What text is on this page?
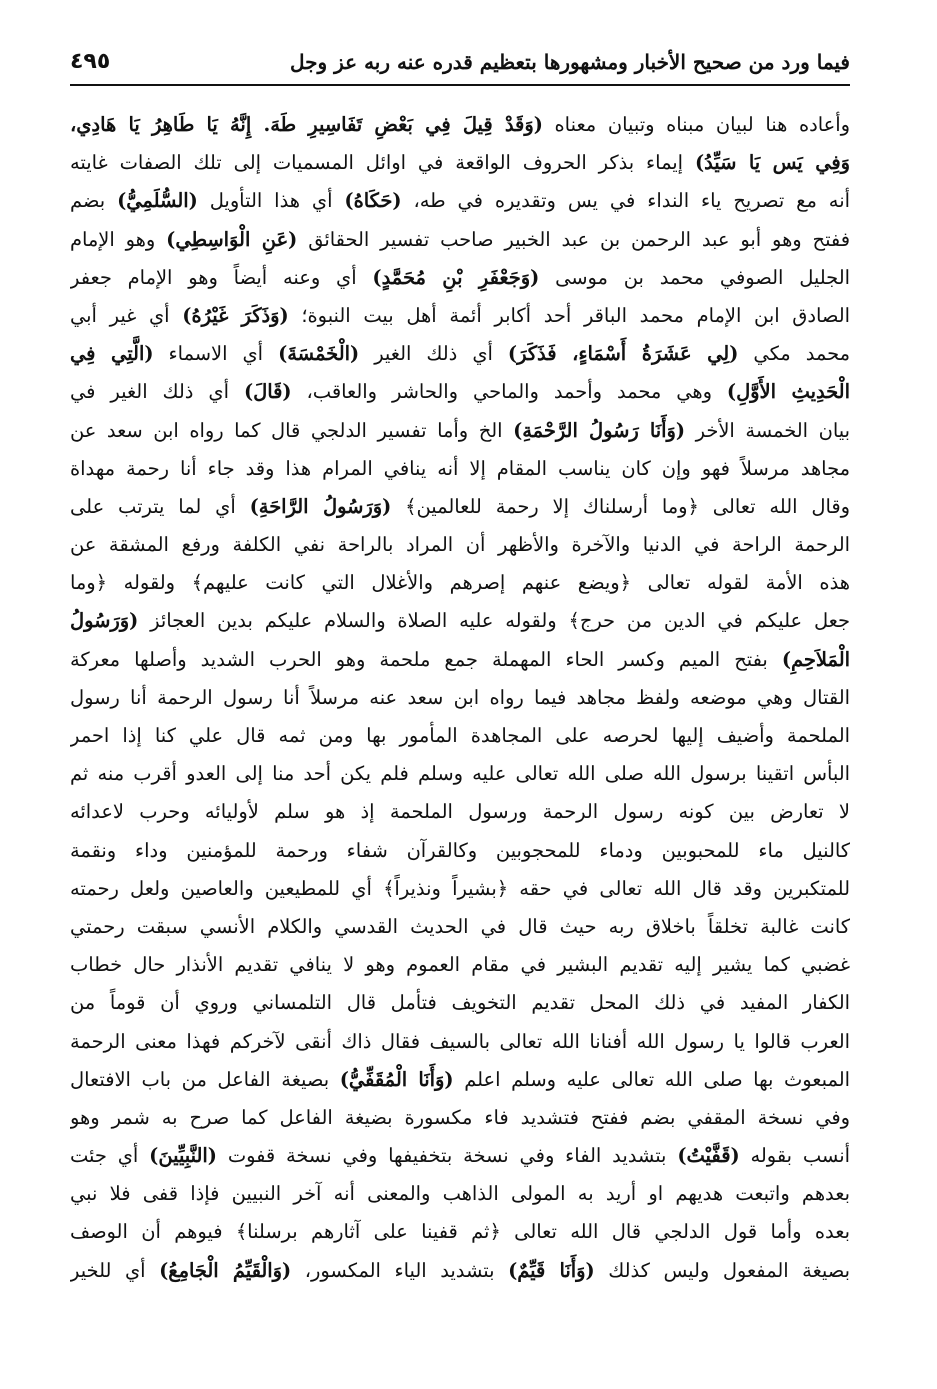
فيما ورد من صحيح الأخبار ومشهورها بتعظيم قدره عنه ربه عز وجل
٤٩٥
وأعاده هنا لبيان مبناه وتبيان معناه (وَقَدْ قِيلَ فِي بَعْضِ تَفَاسِيرِ طَهَ. إِنَّهُ يَا طَاهِرُ يَا هَادِي،
وَفِي يَس يَا سَيِّدُ) إيماء بذكر الحروف الواقعة في اوائل المسميات إلى تلك الصفات غايته
أنه مع تصريح ياء النداء في يس وتقديره في طه، (حَكَاهُ) أي هذا التأويل (السُّلَمِيُّ) بضم
ففتح وهو أبو عبد الرحمن بن عبد الخبير صاحب تفسير الحقائق (عَنِ الْوَاسِطِي) وهو الإمام
الجليل الصوفي محمد بن موسى (وَجَعْفَرِ بْنِ مُحَمَّدٍ) أي وعنه أيضاً وهو الإمام جعفر
الصادق ابن الإمام محمد الباقر أحد أكابر أئمة أهل بيت النبوة؛ (وَذَكَرَ غَيْرُهُ) أي غير أبي
محمد مكي (لِي عَشَرَةُ أَسْمَاءٍ، فَذَكَرَ) أي ذلك الغير (الْخَمْسَةَ) أي الاسماء (الَّتِي فِي
الْحَدِيثِ الأَوَّلِ) وهي محمد وأحمد والماحي والحاشر والعاقب، (قَالَ) أي ذلك الغير في
بيان الخمسة الأخر (وَأَنَا رَسُولُ الرَّحْمَةِ) الخ وأما تفسير الدلجي قال كما رواه ابن سعد عن
مجاهد مرسلاً فهو وإن كان يناسب المقام إلا أنه ينافي المرام هذا وقد جاء أنا رحمة مهداة
وقال الله تعالى ﴿وما أرسلناك إلا رحمة للعالمين﴾ (وَرَسُولُ الرَّاحَةِ) أي لما يترتب على
الرحمة الراحة في الدنيا والآخرة والأظهر أن المراد بالراحة نفي الكلفة ورفع المشقة عن
هذه الأمة لقوله تعالى ﴿ويضع عنهم إصرهم والأغلال التي كانت عليهم﴾ ولقوله ﴿وما
جعل عليكم في الدين من حرج﴾ ولقوله عليه الصلاة والسلام عليكم بدين العجائز (وَرَسُولُ
الْمَلاَحِمِ) بفتح الميم وكسر الحاء المهملة جمع ملحمة وهو الحرب الشديد وأصلها معركة
القتال وهي موضعه ولفظ مجاهد فيما رواه ابن سعد عنه مرسلاً أنا رسول الرحمة أنا رسول
الملحمة وأضيف إليها لحرصه على المجاهدة المأمور بها ومن ثمه قال علي كنا إذا احمر
البأس اتقينا برسول الله صلى الله تعالى عليه وسلم فلم يكن أحد منا إلى العدو أقرب منه ثم
لا تعارض بين كونه رسول الرحمة ورسول الملحمة إذ هو سلم لأوليائه وحرب لاعدائه
كالنيل ماء للمحبوبين ودماء للمحجوبين وكالقرآن شفاء ورحمة للمؤمنين وداء ونقمة
للمتكبرين وقد قال الله تعالى في حقه ﴿بشيراً ونذيراً﴾ أي للمطيعين والعاصين ولعل رحمته
كانت غالبة تخلقاً باخلاق ربه حيث قال في الحديث القدسي والكلام الأنسي سبقت رحمتي
غضبي كما يشير إليه تقديم البشير في مقام العموم وهو لا ينافي تقديم الأنذار حال خطاب
الكفار المفيد في ذلك المحل تقديم التخويف فتأمل قال التلمساني وروي أن قوماً من
العرب قالوا يا رسول الله أفنانا الله تعالى بالسيف فقال ذاك أنقى لآخركم فهذا معنى الرحمة
المبعوث بها صلى الله تعالى عليه وسلم اعلم (وَأَنَا الْمُقَفِّيُّ) بصيغة الفاعل من باب الافتعال
وفي نسخة المقفي بضم ففتح فتشديد فاء مكسورة بضيغة الفاعل كما صرح به شمر وهو
أنسب بقوله (قَفَّيْتُ) بتشديد الفاء وفي نسخة بتخفيفها وفي نسخة قفوت (النَّبِيِّينَ) أي جئت
بعدهم واتبعت هديهم او أريد به المولى الذاهب والمعنى أنه آخر النبيين فإذا قفى فلا نبي
بعده وأما قول الدلجي قال الله تعالى ﴿ثم قفينا على آثارهم برسلنا﴾ فيوهم أن الوصف
بصيغة المفعول وليس كذلك (وَأَنَا قَيِّمٌ) بتشديد الياء المكسور، (وَالْقَيِّمُ الْجَامِعُ) أي للخير
